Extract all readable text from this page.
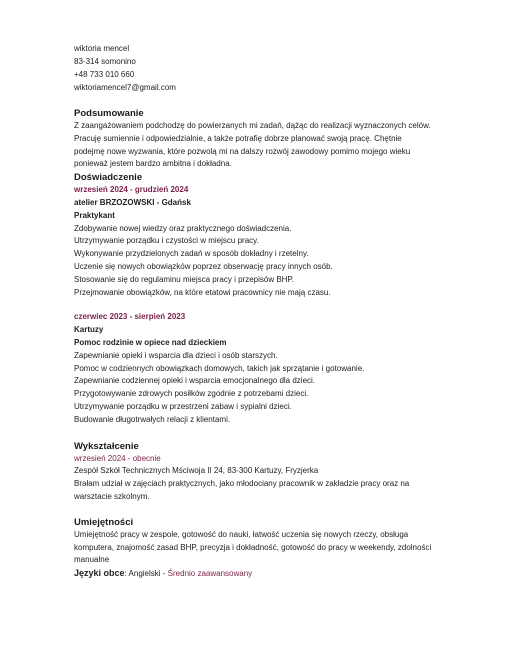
wiktoria mencel
83-314 somonino
+48 733 010 660
wiktoriamencel7@gmail.com
Podsumowanie
Z zaangażowaniem podchodzę do powierzanych mi zadań, dążąc do realizacji wyznaczonych celów.
Pracuję sumiennie i odpowiedzialnie, a także potrafię dobrze planować swoją pracę. Chętnie
podejmę nowe wyzwania, które pozwolą mi na dalszy rozwój zawodowy pomimo mojego wieku
ponieważ jestem bardzo ambitna i dokładna.
Doświadczenie
wrzesień 2024 - grudzień 2024
atelier BRZOZOWSKI - Gdańsk
Praktykant
Zdobywanie nowej wiedzy oraz praktycznego doświadczenia.
Utrzymywanie porządku i czystości w miejscu pracy.
Wykonywanie przydzielonych zadań w sposób dokładny i rzetelny.
Uczenie się nowych obowiązków poprzez obserwację pracy innych osób.
Stosowanie się do regulaminu miejsca pracy i przepisów BHP.
Przejmowanie obowiązków, na które etatowi pracownicy nie mają czasu.
czerwiec 2023 - sierpień 2023
Kartuzy
Pomoc rodzinie w opiece nad dzieckiem
Zapewnianie opieki i wsparcia dla dzieci i osób starszych.
Pomoc w codziennych obowiązkach domowych, takich jak sprzątanie i gotowanie.
Zapewnianie codziennej opieki i wsparcia emocjonalnego dla dzieci.
Przygotowywanie zdrowych posiłków zgodnie z potrzebami dzieci.
Utrzymywanie porządku w przestrzeni zabaw i sypialni dzieci.
Budowanie długotrwałych relacji z klientami.
Wykształcenie
wrzesień 2024 - obecnie
Zespół Szkół Technicznych Mściwoja II 24, 83-300 Kartuzy, Fryzjerka
Brałam udział w zajęciach praktycznych, jako młodociany pracownik w zakładzie pracy oraz na
warsztacie szkolnym.
Umiejętności
Umiejętność pracy w zespole, gotowość do nauki, łatwość uczenia się nowych rzeczy, obsługa
komputera, znajomość zasad BHP, precyzja i dokładność, gotowość do pracy w weekendy, zdolności
manualne
Języki obce: Angielski - Średnio zaawansowany
